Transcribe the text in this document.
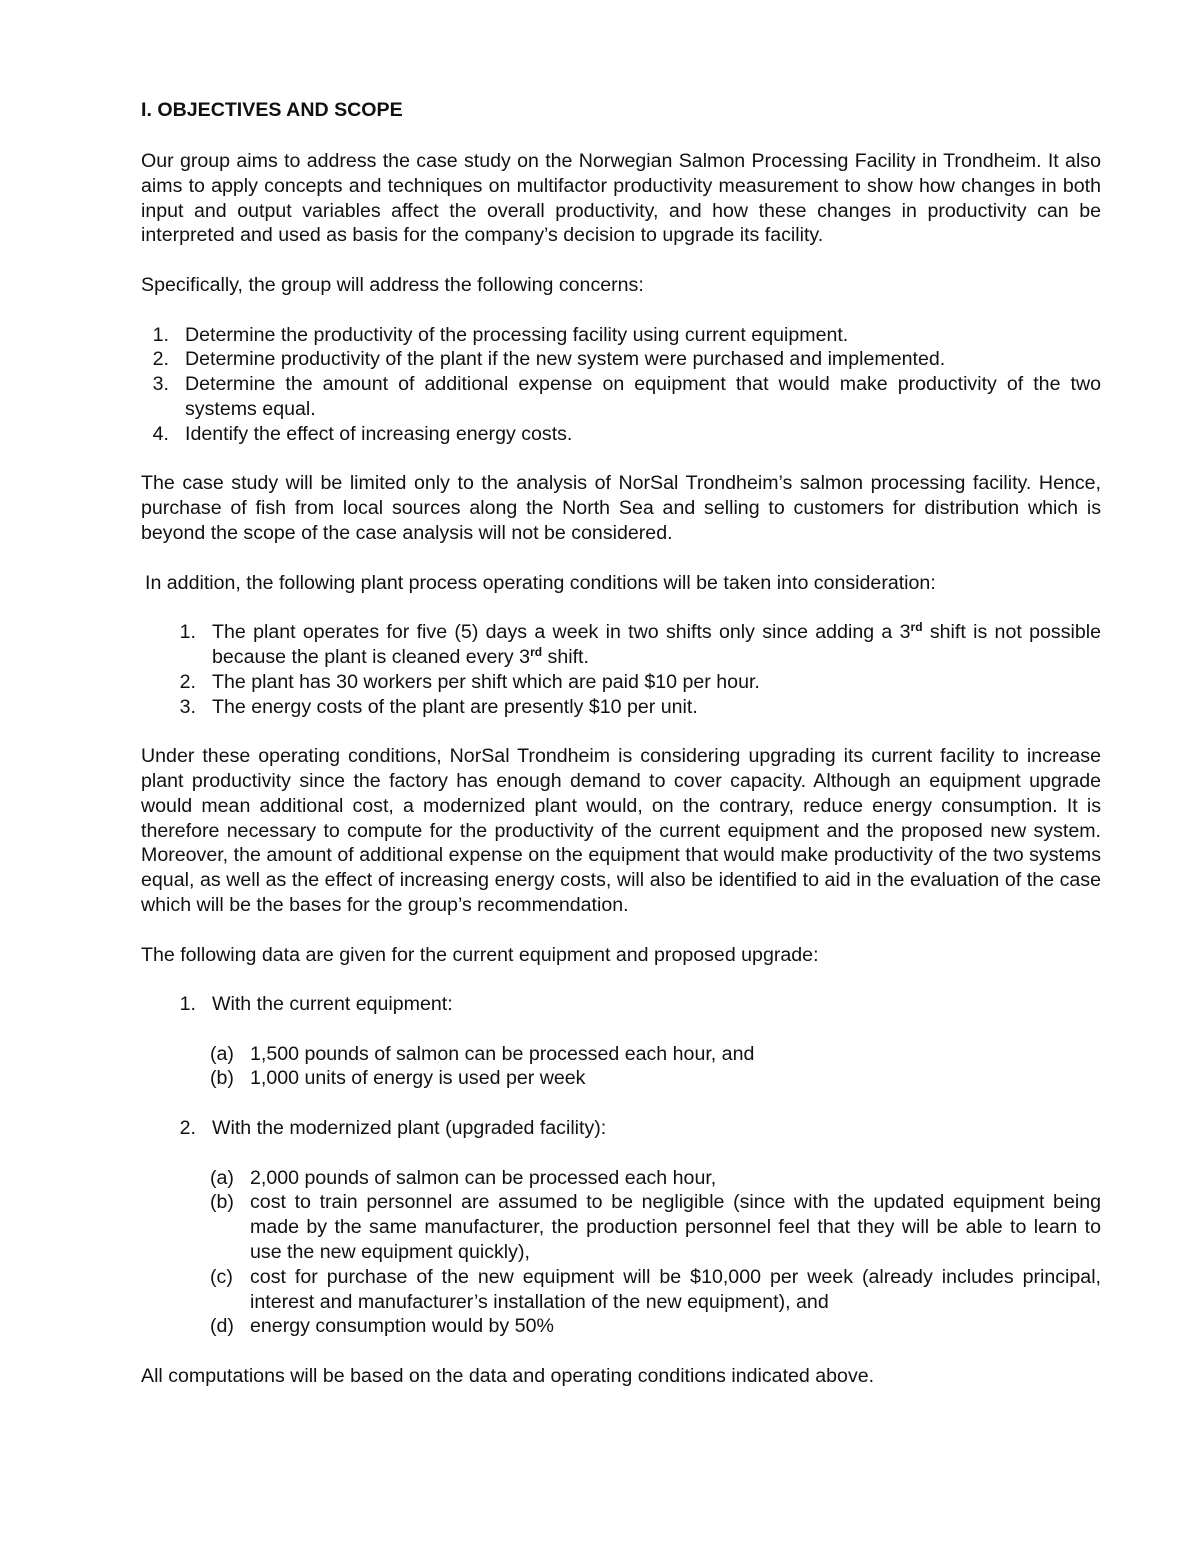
I. OBJECTIVES AND SCOPE

Our group aims to address the case study on the Norwegian Salmon Processing Facility in Trondheim. It also aims to apply concepts and techniques on multifactor productivity measurement to show how changes in both input and output variables affect the overall productivity, and how these changes in productivity can be interpreted and used as basis for the company’s decision to upgrade its facility.

Specifically, the group will address the following concerns:

1. Determine the productivity of the processing facility using current equipment.
2. Determine productivity of the plant if the new system were purchased and implemented.
3. Determine the amount of additional expense on equipment that would make productivity of the two systems equal.
4. Identify the effect of increasing energy costs.

The case study will be limited only to the analysis of NorSal Trondheim’s salmon processing facility. Hence, purchase of fish from local sources along the North Sea and selling to customers for distribution which is beyond the scope of the case analysis will not be considered.

In addition, the following plant process operating conditions will be taken into consideration:

1. The plant operates for five (5) days a week in two shifts only since adding a 3rd shift is not possible because the plant is cleaned every 3rd shift.
2. The plant has 30 workers per shift which are paid $10 per hour.
3. The energy costs of the plant are presently $10 per unit.

Under these operating conditions, NorSal Trondheim is considering upgrading its current facility to increase plant productivity since the factory has enough demand to cover capacity. Although an equipment upgrade would mean additional cost, a modernized plant would, on the contrary, reduce energy consumption. It is therefore necessary to compute for the productivity of the current equipment and the proposed new system. Moreover, the amount of additional expense on the equipment that would make productivity of the two systems equal, as well as the effect of increasing energy costs, will also be identified to aid in the evaluation of the case which will be the bases for the group’s recommendation.

The following data are given for the current equipment and proposed upgrade:

1. With the current equipment:
(a) 1,500 pounds of salmon can be processed each hour, and
(b) 1,000 units of energy is used per week
2. With the modernized plant (upgraded facility):
(a) 2,000 pounds of salmon can be processed each hour,
(b) cost to train personnel are assumed to be negligible (since with the updated equipment being made by the same manufacturer, the production personnel feel that they will be able to learn to use the new equipment quickly),
(c) cost for purchase of the new equipment will be $10,000 per week (already includes principal, interest and manufacturer’s installation of the new equipment), and
(d) energy consumption would by 50%

All computations will be based on the data and operating conditions indicated above.
